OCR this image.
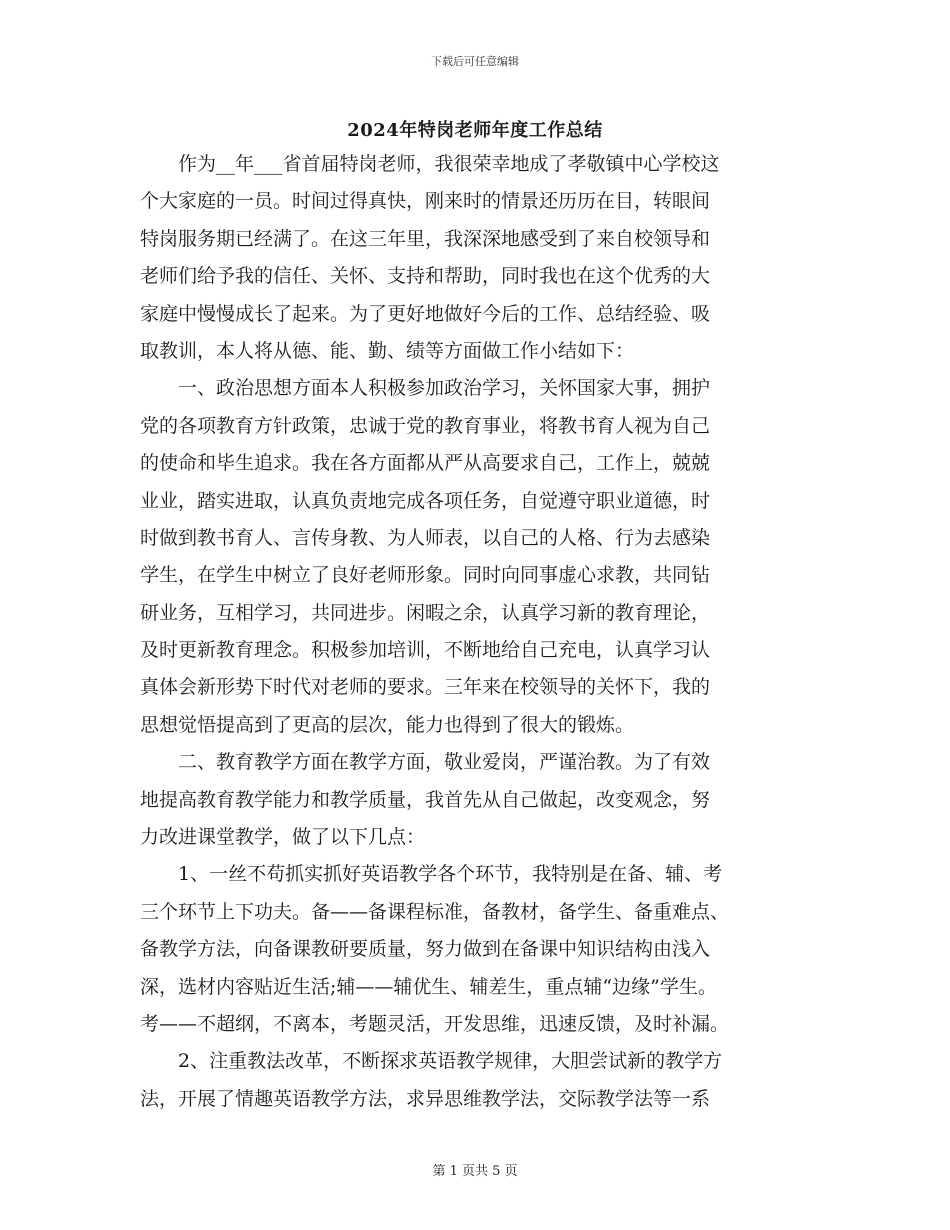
下载后可任意编辑
2024年特岗老师年度工作总结
作为__年___省首届特岗老师，我很荣幸地成了孝敬镇中心学校这
个大家庭的一员。时间过得真快，刚来时的情景还历历在目，转眼间
特岗服务期已经满了。在这三年里，我深深地感受到了来自校领导和
老师们给予我的信任、关怀、支持和帮助，同时我也在这个优秀的大
家庭中慢慢成长了起来。为了更好地做好今后的工作、总结经验、吸
取教训，本人将从德、能、勤、绩等方面做工作小结如下：
一、政治思想方面本人积极参加政治学习，关怀国家大事，拥护
党的各项教育方针政策，忠诚于党的教育事业，将教书育人视为自己
的使命和毕生追求。我在各方面都从严从高要求自己，工作上，兢兢
业业，踏实进取，认真负责地完成各项任务，自觉遵守职业道德，时
时做到教书育人、言传身教、为人师表，以自己的人格、行为去感染
学生，在学生中树立了良好老师形象。同时向同事虚心求教，共同钻
研业务，互相学习，共同进步。闲暇之余，认真学习新的教育理论，
及时更新教育理念。积极参加培训，不断地给自己充电，认真学习认
真体会新形势下时代对老师的要求。三年来在校领导的关怀下，我的
思想觉悟提高到了更高的层次，能力也得到了很大的锻炼。
二、教育教学方面在教学方面，敬业爱岗，严谨治教。为了有效
地提高教育教学能力和教学质量，我首先从自己做起，改变观念，努
力改进课堂教学，做了以下几点：
1、一丝不苟抓实抓好英语教学各个环节，我特别是在备、辅、考
三个环节上下功夫。备——备课程标准，备教材，备学生、备重难点、
备教学方法，向备课教研要质量，努力做到在备课中知识结构由浅入
深，选材内容贴近生活;辅——辅优生、辅差生，重点辅“边缘”学生。
考——不超纲，不离本，考题灵活，开发思维，迅速反馈，及时补漏。
2、注重教法改革，不断探求英语教学规律，大胆尝试新的教学方
法，开展了情趣英语教学方法，求异思维教学法，交际教学法等一系
第 1 页共 5 页
